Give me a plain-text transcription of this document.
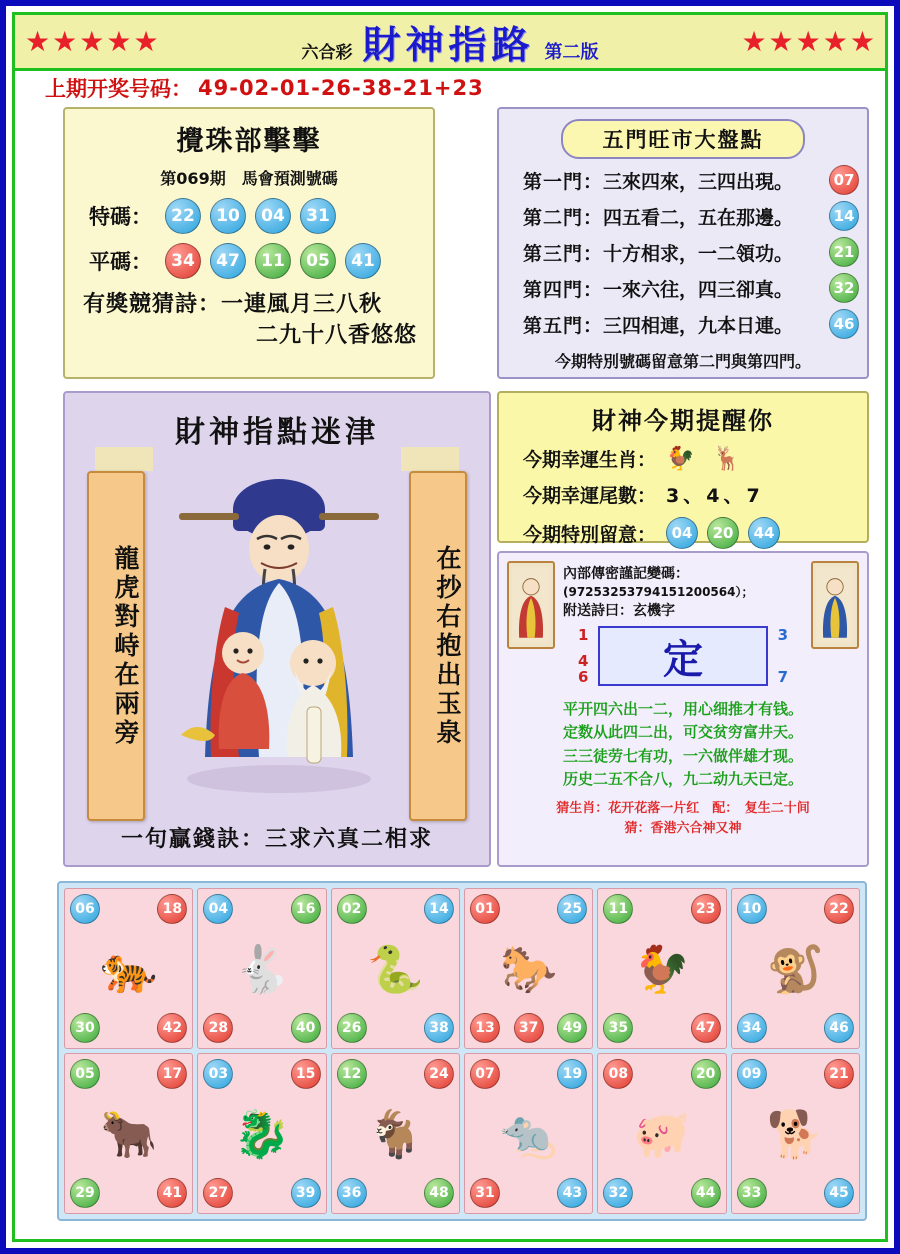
★ ★ ★ ★ ★	六合彩 財神指路 第二版	★ ★ ★ ★ ★
上期开奖号码： 49-02-01-26-38-21+23
攪珠部擊擊
第069期　馬會預測號碼
特碼：	22	10	04	31
平碼：	34	47	11	05	41
有獎競猜詩：一連風月三八秋
二九十八香悠悠
五門旺市大盤點
第一門： 三來四來，三四出現。	07
第二門： 四五看二，五在那邊。	14
第三門： 十方相求，一二領功。	21
第四門： 一來六往，四三卻真。	32
第五門： 三四相連，九本日連。	46
今期特別號碼留意第二門與第四門。
財神指點迷津
龍虎對峙在兩旁	在抄右抱出玉泉
一句贏錢訣：三求六真二相求
財神今期提醒你
今期幸運生肖： 🐓 🦌
今期幸運尾數： 3、4、7
今期特別留意：	04	20	44
內部傳密謹記變碼：
(97253253794151200564）；
附送詩曰：玄機字
1	3
6	7
4 定
平开四六出一二，用心细推才有钱。
定数从此四二出，可交贫穷富井天。
三三徒劳七有功，一六做伴雄才现。
历史二五不合八，九二动九天已定。
猜生肖：花开花落一片红　配：　复生二十间
猜：香港六合神又神
06	18
🐅
30	42
04	16
🐇
28	40
02	14
🐍
26	38
01	25
🐎
13	37	49
11	23
🐓
35	47
10	22
🐒
34	46
05	17
🐂
29	41
03	15
🐉
27	39
12	24
🐐
36	48
07	19
🐀
31	43
08	20
🐖
32	44
09	21
🐕
33	45
